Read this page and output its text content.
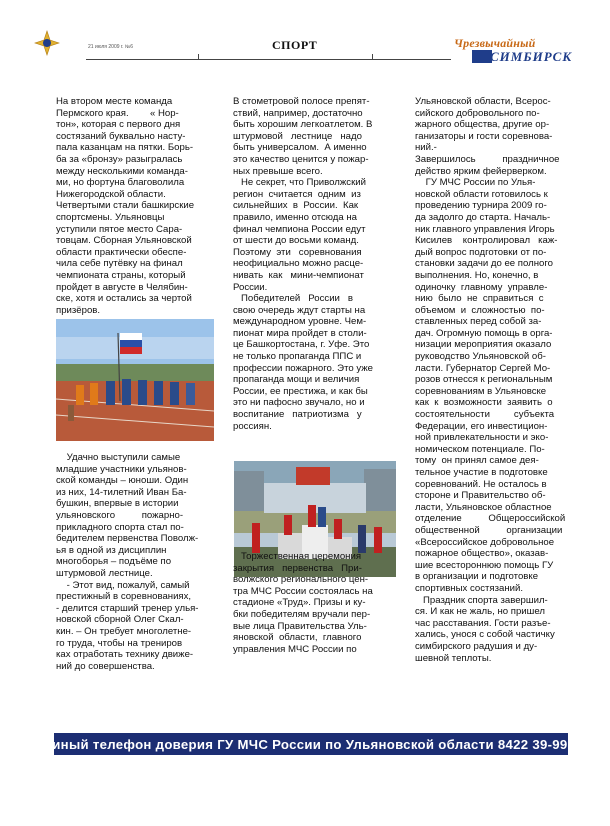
21 июля 2009 г. №6	СПОРТ	Чрезвычайный
СИМБИРСК

На втором месте команда

Пермского края.        « Нор-

тон», которая с первого дня

состязаний буквально насту-

пала казанцам на пятки. Борь-

ба за «бронзу» разыгралась

между несколькими команда-

ми, но фортуна благоволила

Нижегородской области.

Четвертыми стали башкирские

спортсмены. Ульяновцы

уступили пятое место Сара-

товцам. Сборная Ульяновской

области практически обеспе-

чила себе путёвку на финал

чемпионата страны, который

пройдет в августе в Челябин-

ске, хотя и остались за чертой

призёров.

Удачно выступили самые

младшие участники ульянов-

ской команды – юноши. Один

из них, 14-тилетний Иван Ба-

бушкин, впервые в истории

ульяновского          пожарно-

прикладного спорта стал по-

бедителем первенства Поволж-

ья в одной из дисциплин

многоборья – подъёме по

штурмовой лестнице.

- Этот вид, пожалуй, самый

престижный в соревнованиях,

- делится старший тренер улья-

новской сборной Олег Скал-

кин. – Он требует многолетне-

го труда, чтобы на трениров

ках отработать технику движе-

ний до совершенства.

В стометровой полосе препят-

ствий, например, достаточно

быть хорошим легкоатлетом. В

штурмовой   лестнице   надо

быть универсалом.  А именно

это качество ценится у пожар-

ных превыше всего.

Не секрет, что Приволжский

регион  считается  одним  из

сильнейших  в  России.  Как

правило, именно отсюда на

финал чемпиона России едут

от шести до восьми команд.

Поэтому  эти   соревнования

неофициально можно расце-

нивать  как   мини-чемпионат

России.

Победителей   России   в

свою очередь ждут старты на

международном уровне. Чем-

пионат мира пройдет в столи-

це Башкортостана, г. Уфе. Это

не только пропаганда ППС и

профессии пожарного. Это уже

пропаганда мощи и величия

России, ее престижа, и как бы

это ни пафосно звучало, но и

воспитание   патриотизма   у

россиян.

Торжественная церемония

закрытия   первенства   При-

волжского регионального цен-

тра МЧС России состоялась на

стадионе «Труд». Призы и ку-

бки победителям вручали пер-

вые лица Правительства Уль-

яновской  области,  главного

управления МЧС России по

Ульяновской области, Всерос-

сийского добровольного по-

жарного общества, другие ор-

ганизаторы и гости соревнова-

ний.-

Завершилось          праздничное

действо ярким фейерверком.

ГУ МЧС России по Улья-

новской области готовилось к

проведению турнира 2009 го-

да задолго до старта. Началь-

ник главного управления Игорь

Кисилев    контролировал   каж-

дый вопрос подготовки от по-

становки задачи до ее полного

выполнения. Но, конечно, в

одиночку  главному  управле-

нию  было  не  справиться  с

объемом  и  сложностью  по-

ставленных перед собой за-

дач. Огромную помощь в орга-

низации мероприятия оказало

руководство Ульяновской об-

ласти. Губернатор Сергей Мо-

розов отнесся к региональным

соревнованиям в Ульяновске

как  к  возможности  заявить  о

состоятельности         субъекта

Федерации, его инвестицион-

ной привлекательности и эко-

номическом потенциале. По-

тому  он принял самое дея-

тельное участие в подготовке

соревнований. Не осталось в

стороне и Правительство об-

ласти, Ульяновское областное

отделение          Общероссийской

общественной          организации

«Всероссийское добровольное

пожарное общество», оказав-

шие всестороннюю помощь ГУ

в организации и подготовке

спортивных состязаний.

Праздник спорта завершил-

ся. И как не жаль, но пришел

час расставания. Гости разъе-

хались, унося с собой частичку

симбирского радушия и ду-

шевной теплоты.

Единый телефон доверия ГУ МЧС России по Ульяновской области 8422 39-99-99
